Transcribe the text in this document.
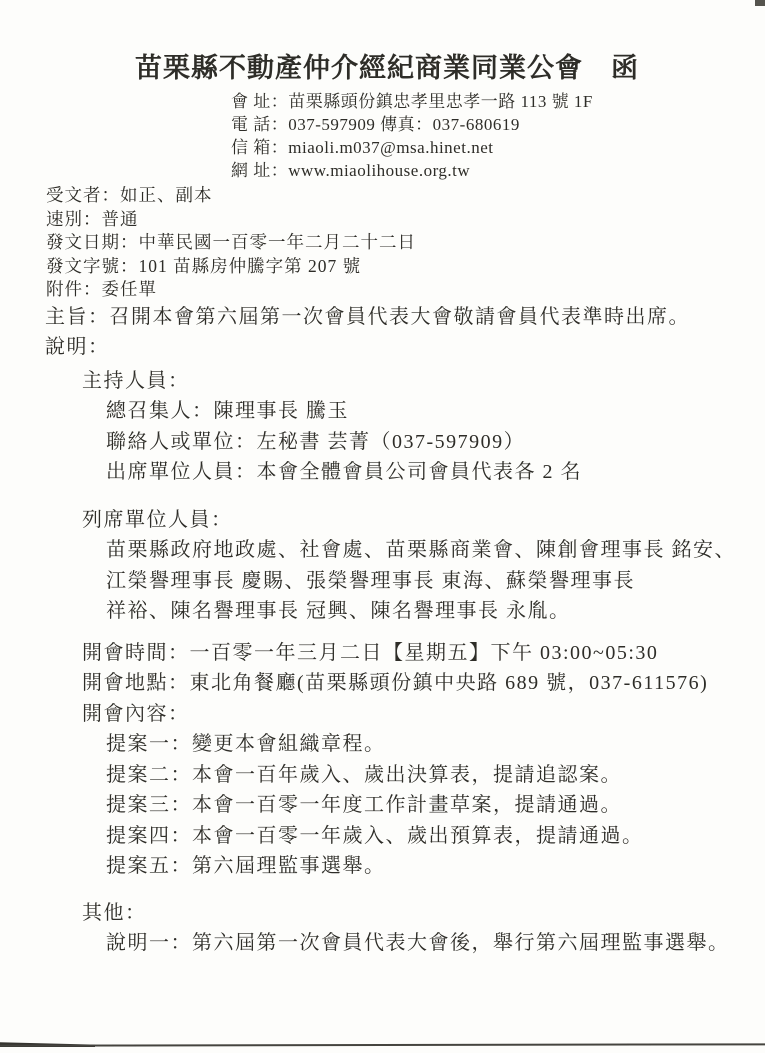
苗栗縣不動產仲介經紀商業同業公會　函
會 址：苗栗縣頭份鎮忠孝里忠孝一路 113 號 1F
電 話：037-597909 傳真：037-680619
信 箱：miaoli.m037@msa.hinet.net
網 址：www.miaolihouse.org.tw
受文者：如正、副本
速別：普通
發文日期：中華民國一百零一年二月二十二日
發文字號：101 苗縣房仲騰字第 207 號
附件：委任單
主旨：召開本會第六屆第一次會員代表大會敬請會員代表準時出席。
說明：
主持人員：
總召集人：陳理事長 騰玉
聯絡人或單位：左秘書 芸菁（037-597909）
出席單位人員：本會全體會員公司會員代表各 2 名
列席單位人員：
苗栗縣政府地政處、社會處、苗栗縣商業會、陳創會理事長 銘安、
江榮譽理事長 慶賜、張榮譽理事長 東海、蘇榮譽理事長
祥裕、陳名譽理事長 冠興、陳名譽理事長 永胤。
開會時間：一百零一年三月二日【星期五】下午 03:00~05:30
開會地點：東北角餐廳(苗栗縣頭份鎮中央路 689 號，037-611576)
開會內容：
提案一：變更本會組織章程。
提案二：本會一百年歲入、歲出決算表，提請追認案。
提案三：本會一百零一年度工作計畫草案，提請通過。
提案四：本會一百零一年歲入、歲出預算表，提請通過。
提案五：第六屆理監事選舉。
其他：
說明一：第六屆第一次會員代表大會後，舉行第六屆理監事選舉。
